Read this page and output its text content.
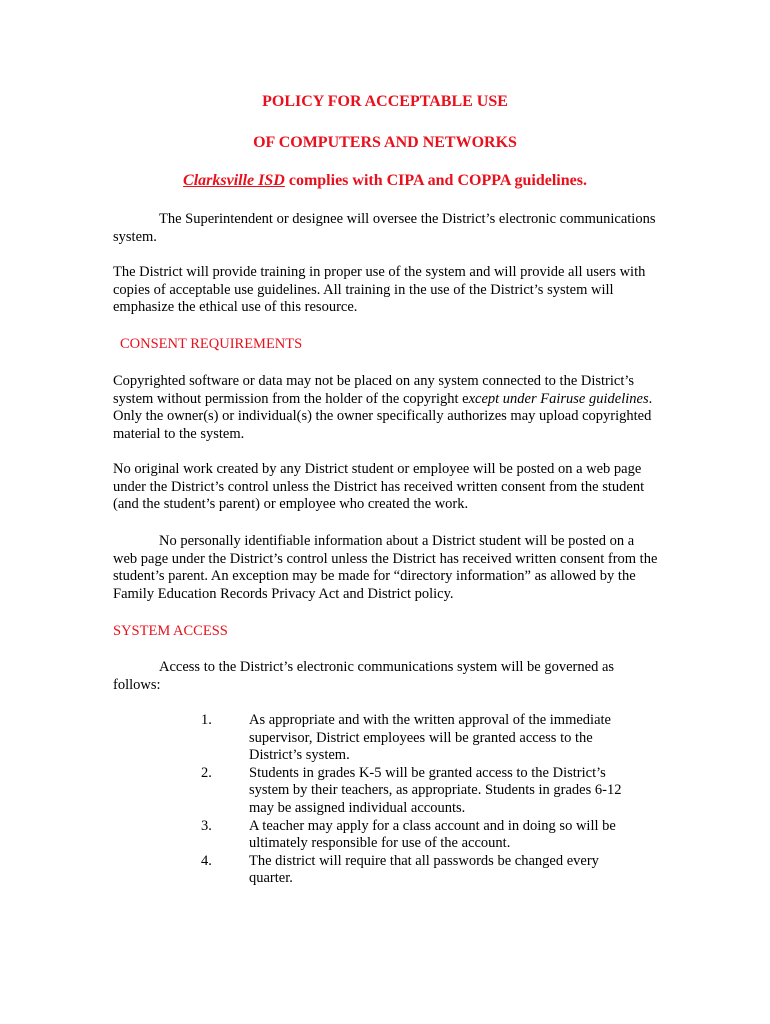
POLICY FOR ACCEPTABLE USE

OF COMPUTERS AND NETWORKS

Clarksville ISD complies with CIPA and COPPA guidelines.

The Superintendent or designee will oversee the District’s electronic communications system.

The District will provide training in proper use of the system and will provide all users with copies of acceptable use guidelines. All training in the use of the District’s system will emphasize the ethical use of this resource.

CONSENT REQUIREMENTS

Copyrighted software or data may not be placed on any system connected to the District’s system without permission from the holder of the copyright except under Fairuse guidelines. Only the owner(s) or individual(s) the owner specifically authorizes may upload copyrighted material to the system.

No original work created by any District student or employee will be posted on a web page under the District’s control unless the District has received written consent from the student (and the student’s parent) or employee who created the work.

No personally identifiable information about a District student will be posted on a web page under the District’s control unless the District has received written consent from the student’s parent. An exception may be made for “directory information” as allowed by the Family Education Records Privacy Act and District policy.

SYSTEM ACCESS

Access to the District’s electronic communications system will be governed as follows:

1.	As appropriate and with the written approval of the immediate supervisor, District employees will be granted access to the District’s system.
2.	Students in grades K-5 will be granted access to the District’s system by their teachers, as appropriate. Students in grades 6-12 may be assigned individual accounts.
3.	A teacher may apply for a class account and in doing so will be ultimately responsible for use of the account.
4.	The district will require that all passwords be changed every quarter.
